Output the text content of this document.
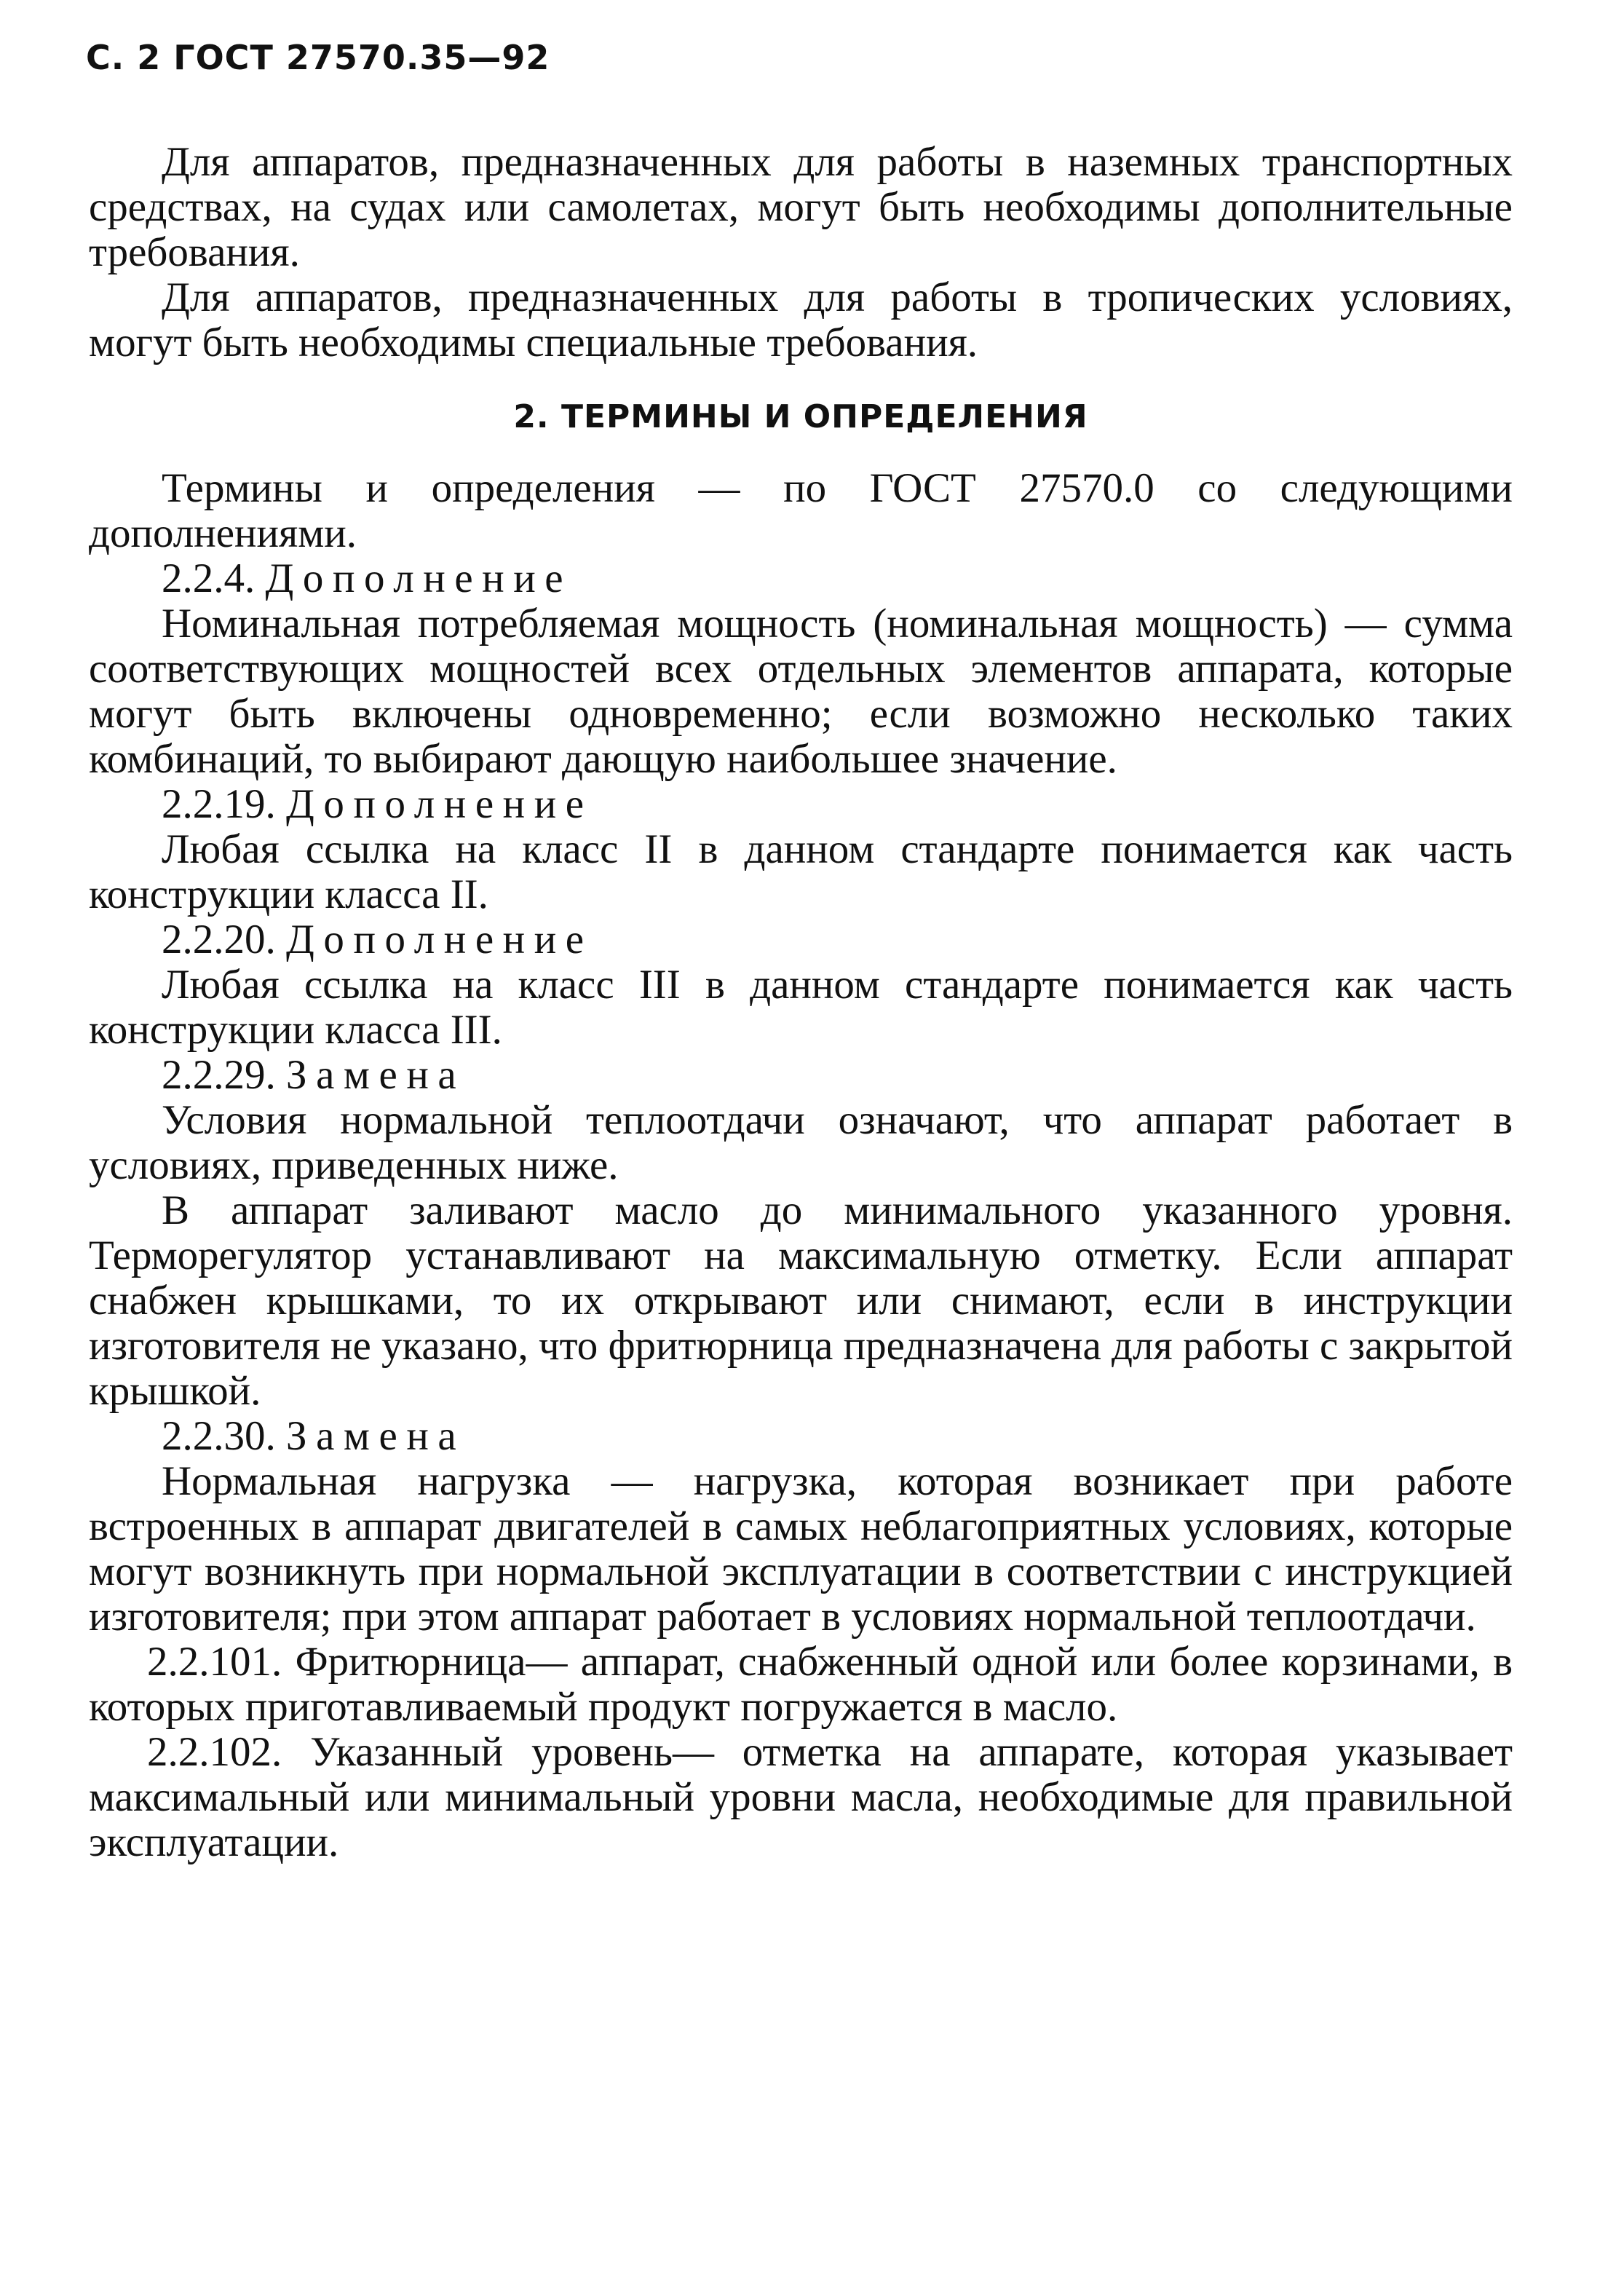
С. 2 ГОСТ 27570.35—92

Для аппаратов, предназначенных для работы в наземных транспортных средствах, на судах или самолетах, могут быть необходимы дополнительные требования.

Для аппаратов, предназначенных для работы в тропических условиях, могут быть необходимы специальные требования.

2. ТЕРМИНЫ И ОПРЕДЕЛЕНИЯ

Термины и определения — по ГОСТ 27570.0 со следующими дополнениями.

2.2.4. Дополнение

Номинальная потребляемая мощность (номинальная мощность) — сумма соответствующих мощностей всех отдельных элементов аппарата, которые могут быть включены одновременно; если возможно несколько таких комбинаций, то выбирают дающую наибольшее значение.

2.2.19. Дополнение

Любая ссылка на класс II в данном стандарте понимается как часть конструкции класса II.

2.2.20. Дополнение

Любая ссылка на класс III в данном стандарте понимается как часть конструкции класса III.

2.2.29. Замена

Условия нормальной теплоотдачи означают, что аппарат работает в условиях, приведенных ниже.

В аппарат заливают масло до минимального указанного уровня. Терморегулятор устанавливают на максимальную отметку. Если аппарат снабжен крышками, то их открывают или снимают, если в инструкции изготовителя не указано, что фритюрница предназначена для работы с закрытой крышкой.

2.2.30. Замена

Нормальная нагрузка — нагрузка, которая возникает при работе встроенных в аппарат двигателей в самых неблагоприятных условиях, которые могут возникнуть при нормальной эксплуатации в соответствии с инструкцией изготовителя; при этом аппарат работает в условиях нормальной теплоотдачи.

2.2.101. Фритюрница— аппарат, снабженный одной или более корзинами, в которых приготавливаемый продукт погружается в масло.

2.2.102. Указанный уровень— отметка на аппарате, которая указывает максимальный или минимальный уровни масла, необходимые для правильной эксплуатации.
